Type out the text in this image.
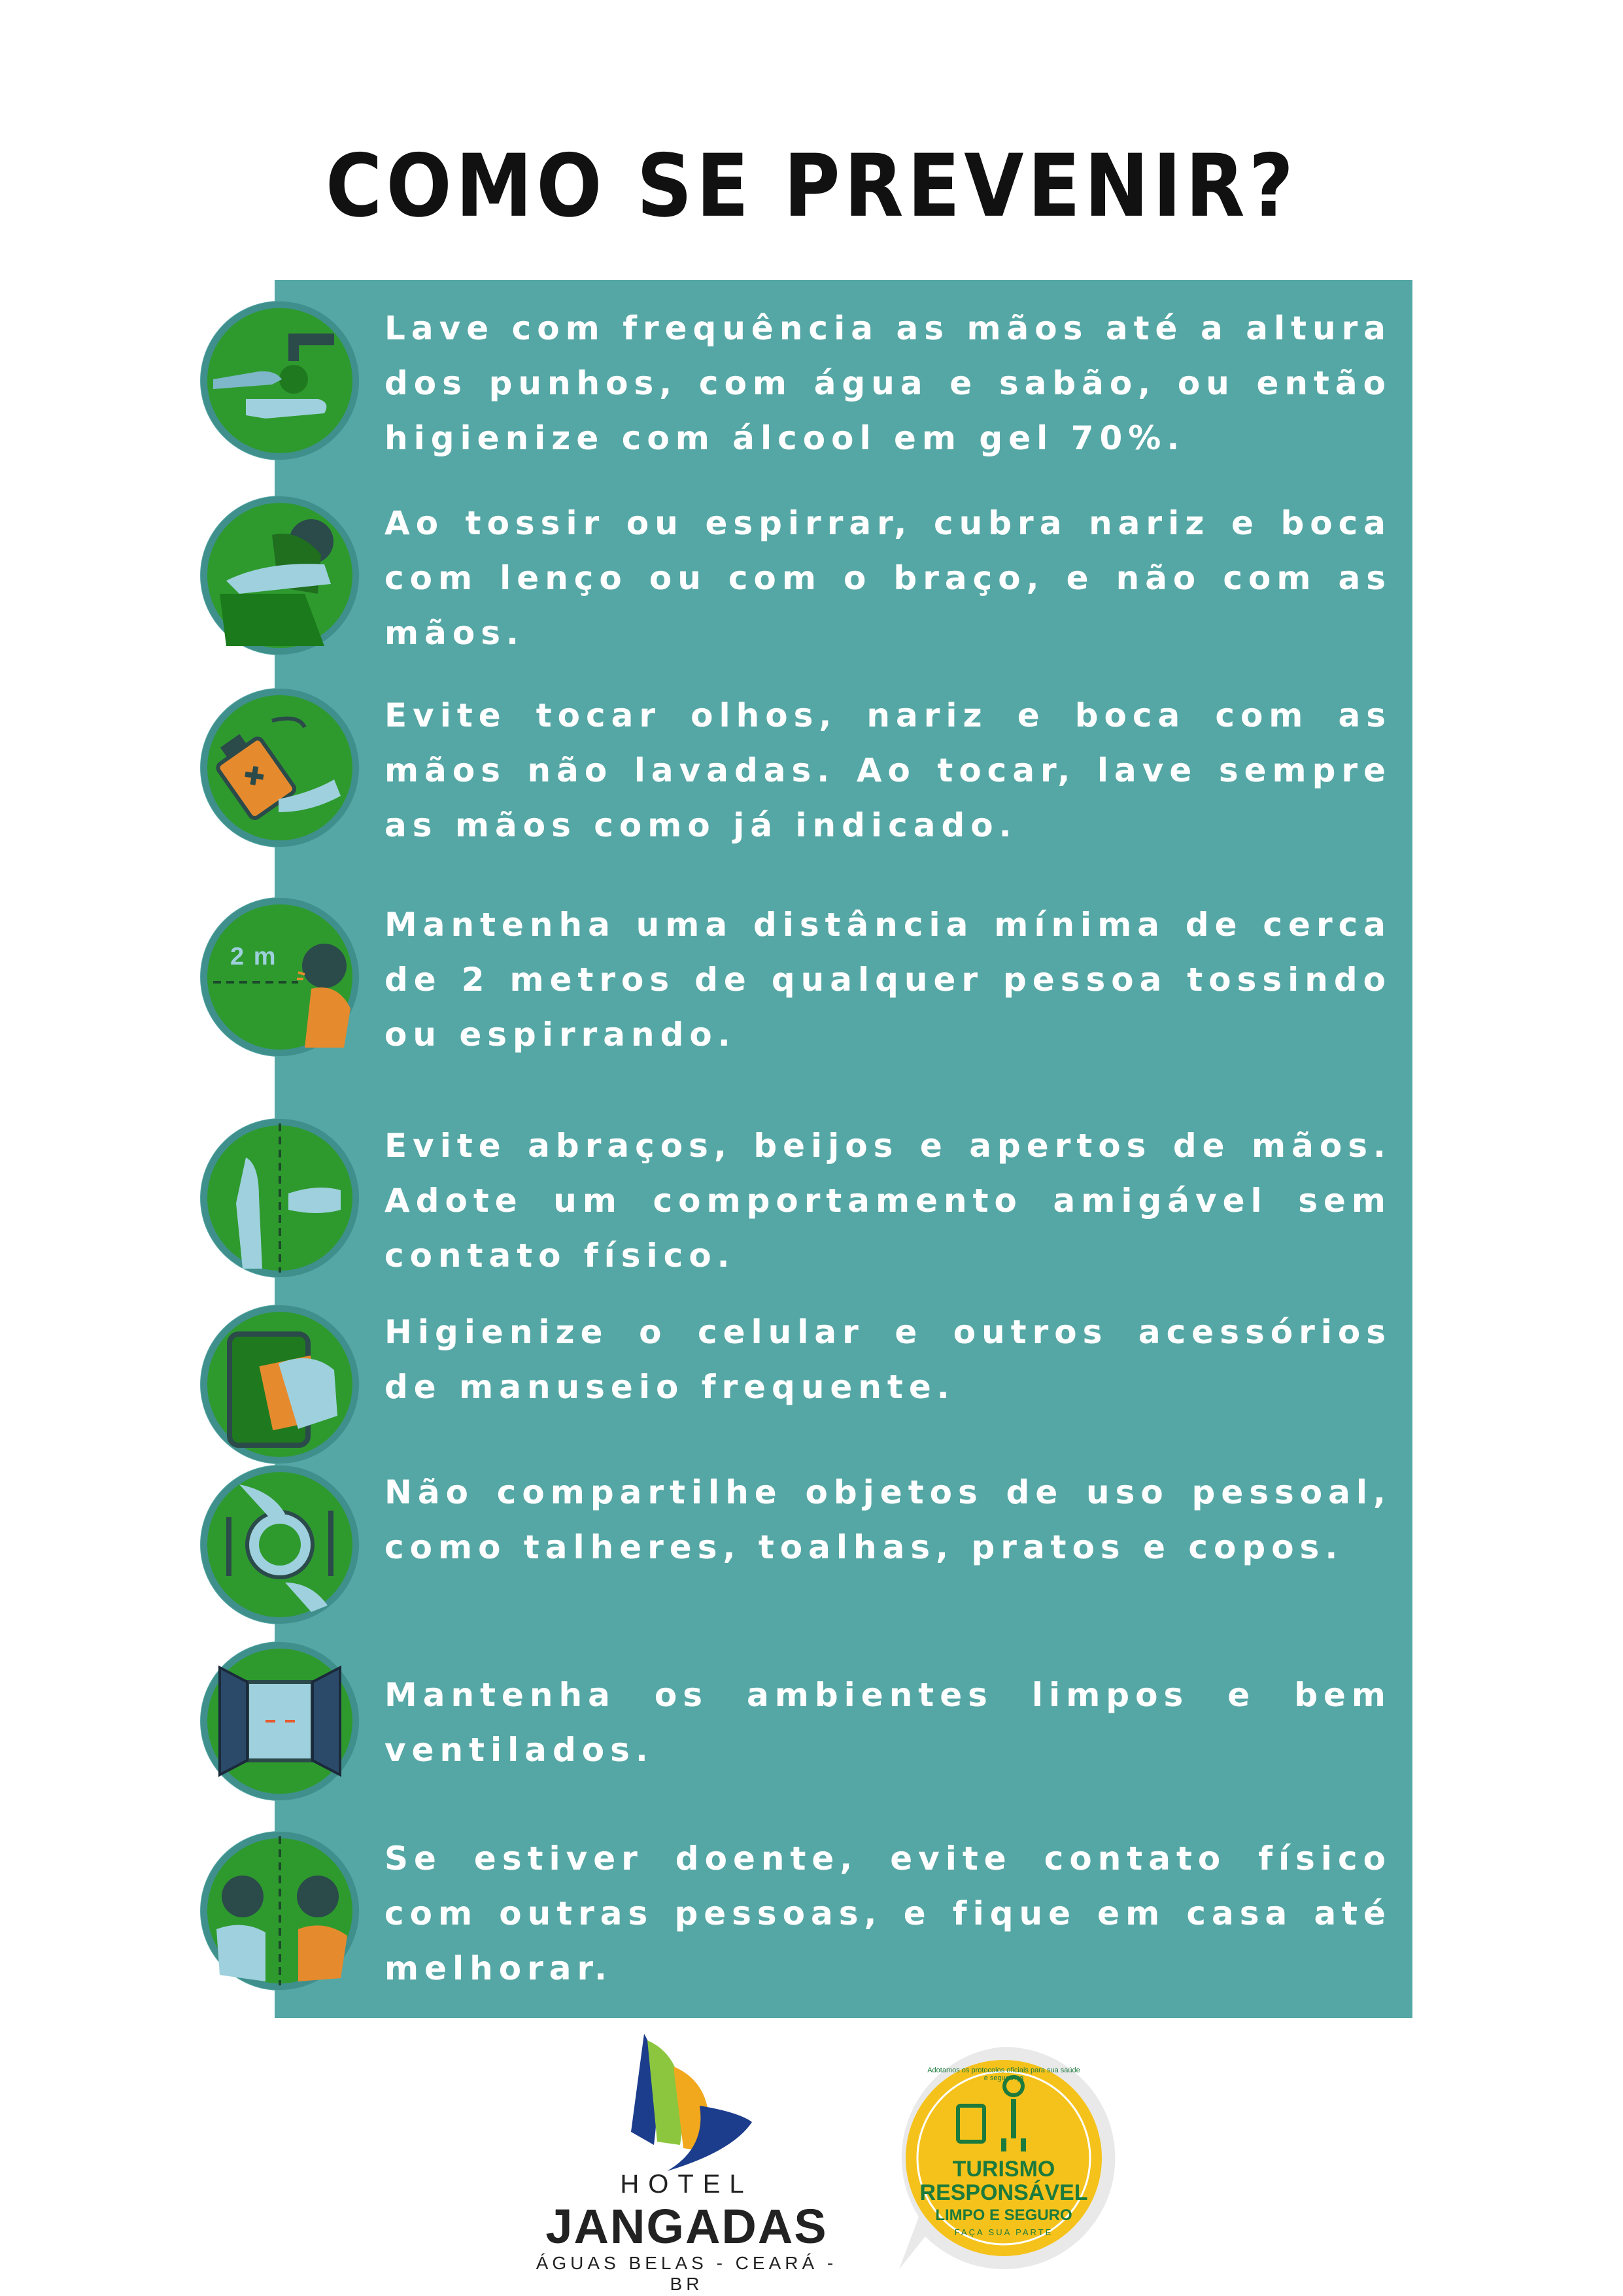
COMO SE PREVENIR?
Lave com frequência as mãos até a altura dos punhos, com água e sabão, ou então higienize com álcool em gel 70%.
Ao tossir ou espirrar, cubra nariz e boca com lenço ou com o braço, e não com as mãos.
Evite tocar olhos, nariz e boca com as mãos não lavadas. Ao tocar, lave sempre as mãos como já indicado.
2 m
Mantenha uma distância mínima de cerca de 2 metros de qualquer pessoa tossindo ou espirrando.
Evite abraços, beijos e apertos de mãos. Adote um comportamento amigável sem contato físico.
Higienize o celular e outros acessórios de manuseio frequente.
Não compartilhe objetos de uso pessoal, como talheres, toalhas, pratos e copos.
Mantenha os ambientes limpos e bem ventilados.
Se estiver doente, evite contato físico com outras pessoas, e fique em casa até melhorar.
HOTEL
JANGADAS
ÁGUAS BELAS - CEARÁ - BR
Adotamos os protocolos oficiais para sua saúde e segurança
TURISMO
RESPONSÁVEL
LIMPO E SEGURO
FAÇA SUA PARTE
